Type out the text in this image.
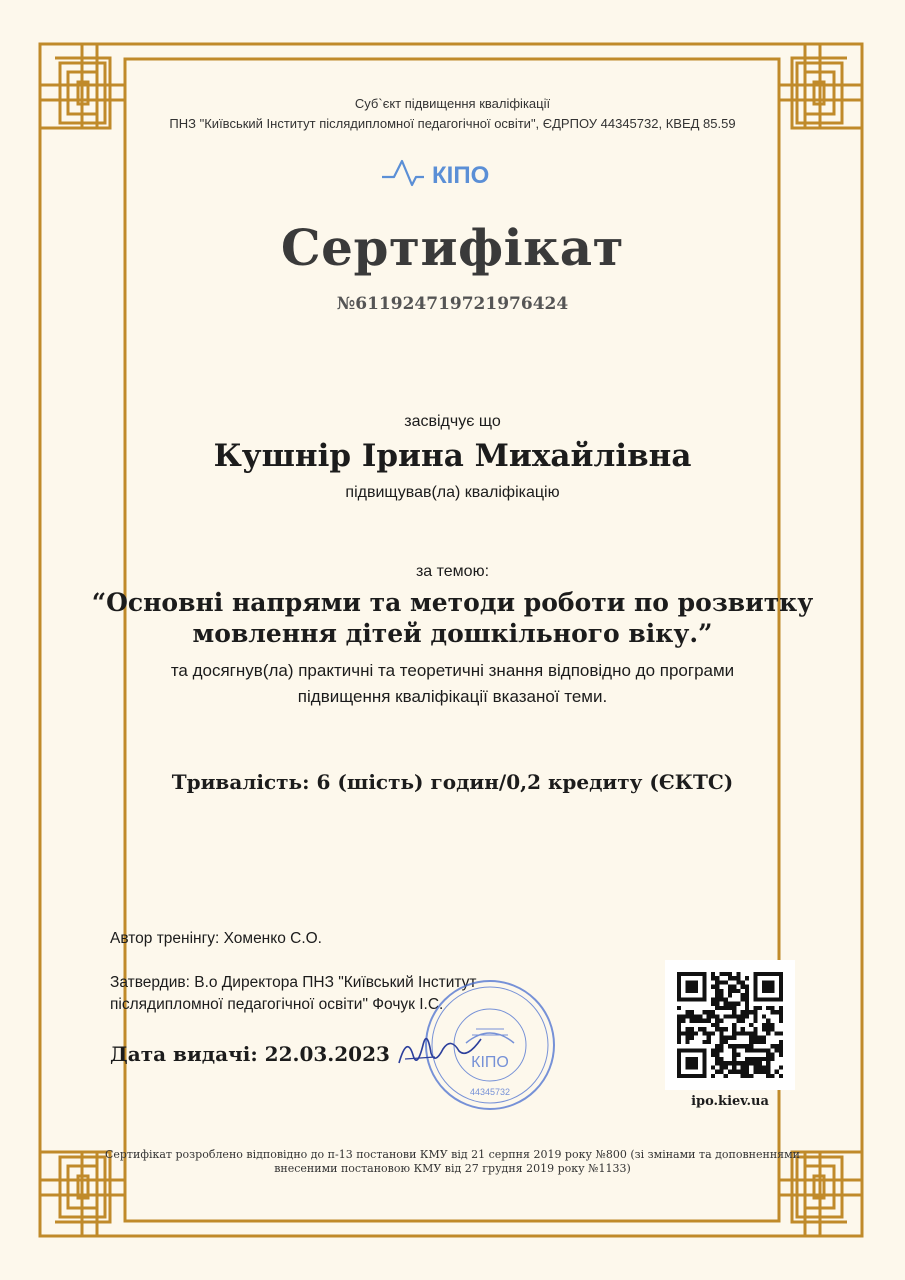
Суб`єкт підвищення кваліфікації
ПНЗ "Київський Інститут післядипломної педагогічної освіти", ЄДРПОУ 44345732, КВЕД 85.59
КІПО
Сертифікат
№611924719721976424
засвідчує що
Кушнір Ірина Михайлівна
підвищував(ла) кваліфікацію
за темою:
“Основні напрями та методи роботи по розвитку
мовлення дітей дошкільного віку.”
та досягнув(ла) практичні та теоретичні знання відповідно до програми
підвищення кваліфікації вказаної теми.
Тривалість: 6 (шість) годин/0,2 кредиту (ЄКТС)
Автор тренінгу: Хоменко С.О.
Затвердив: В.о Директора ПНЗ "Київський Інститут
післядипломної педагогічної освіти" Фочук І.С.
Дата видачі: 22.03.2023	КІПО
44345732
ipo.kiev.ua
Сертифікат розроблено відповідно до п-13 постанови КМУ від 21 серпня 2019 року №800 (зі змінами та доповненнями
внесеними постановою КМУ від 27 грудня 2019 року №1133)
